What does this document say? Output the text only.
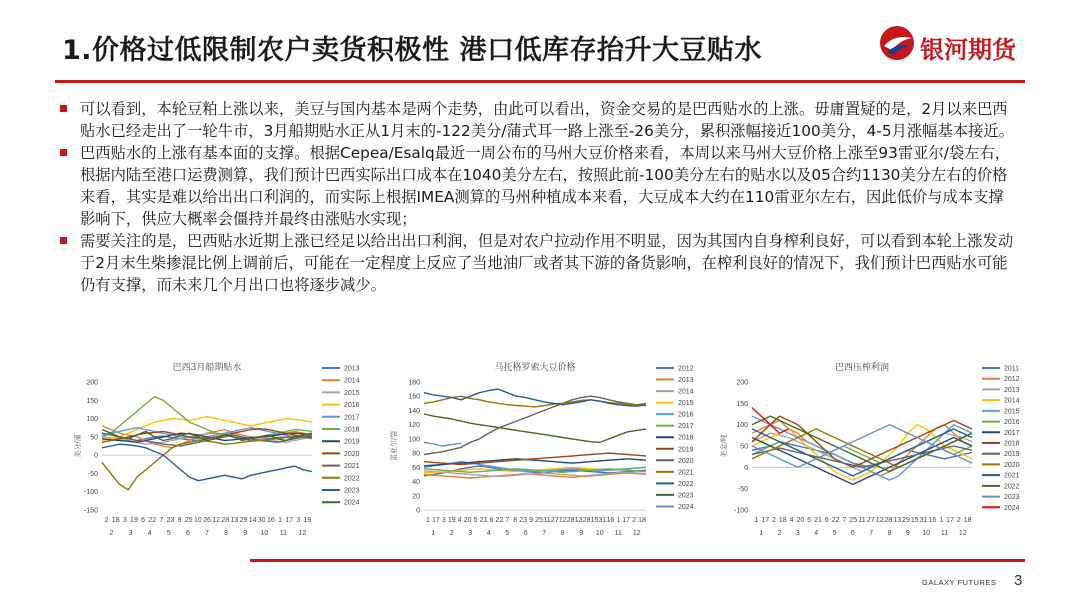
1.价格过低限制农户卖货积极性 港口低库存抬升大豆贴水	银河期货
可以看到，本轮豆粕上涨以来，美豆与国内基本是两个走势，由此可以看出，资金交易的是巴西贴水的上涨。毋庸置疑的是，2月以来巴西贴水已经走出了一轮牛市，3月船期贴水正从1月末的-122美分/蒲式耳一路上涨至-26美分，累积涨幅接近100美分，4-5月涨幅基本接近。
巴西贴水的上涨有基本面的支撑。根据Cepea/Esalq最近一周公布的马州大豆价格来看，本周以来马州大豆价格上涨至93雷亚尔/袋左右，根据内陆至港口运费测算，我们预计巴西实际出口成本在1040美分左右，按照此前-100美分左右的贴水以及05合约1130美分左右的价格来看，其实是难以给出出口利润的，而实际上根据IMEA测算的马州种植成本来看，大豆成本大约在110雷亚尔左右，因此低价与成本支撑影响下，供应大概率会僵持并最终由涨贴水实现；
需要关注的是，巴西贴水近期上涨已经足以给出出口利润，但是对农户拉动作用不明显，因为其国内自身榨利良好，可以看到本轮上涨发动于2月末生柴掺混比例上调前后，可能在一定程度上反应了当地油厂或者其下游的备货影响，在榨利良好的情况下，我们预计巴西贴水可能仍有支撑，而未来几个月出口也将逐步减少。
巴西3月船期贴水
美分/蒲
-150
-100
-50
0
50
100
150
200
2 18 3 19 6 22 7 23 9 25 10 26 12 28 13 29 14 30 16 1 17 3 19
2 3 4 5 6 7 8 9 10 11 12
2013
2014
2015
2016
2017
2018
2019
2020
2021
2022
2023
2024
马托格罗索大豆价格
雷亚尔/袋
0
20
40
60
80
100
120
140
160
180
1 17 3 19 4 20 5 21 6 22 7 8 23 9 25 11 27 12 28 13 29 15 31 16 1 17 2 18
1 2 3 4 5 6 7 8 9 10 11 12
2012
2013
2014
2015
2016
2017
2018
2019
2020
2021
2022
2023
2024
巴西压榨利润
美金/吨
-100
-50
0
50
100
150
200
1 17 2 18 4 20 5 21 6 22 7 25 11 27 12 28 13 29 15 31 16 1 17 2 18
1 2 3 4 5 6 7 8 9 10 11 12
2011
2012
2013
2014
2015
2016
2017
2018
2019
2020
2021
2022
2023
2024
GALAXY FUTURES 3
